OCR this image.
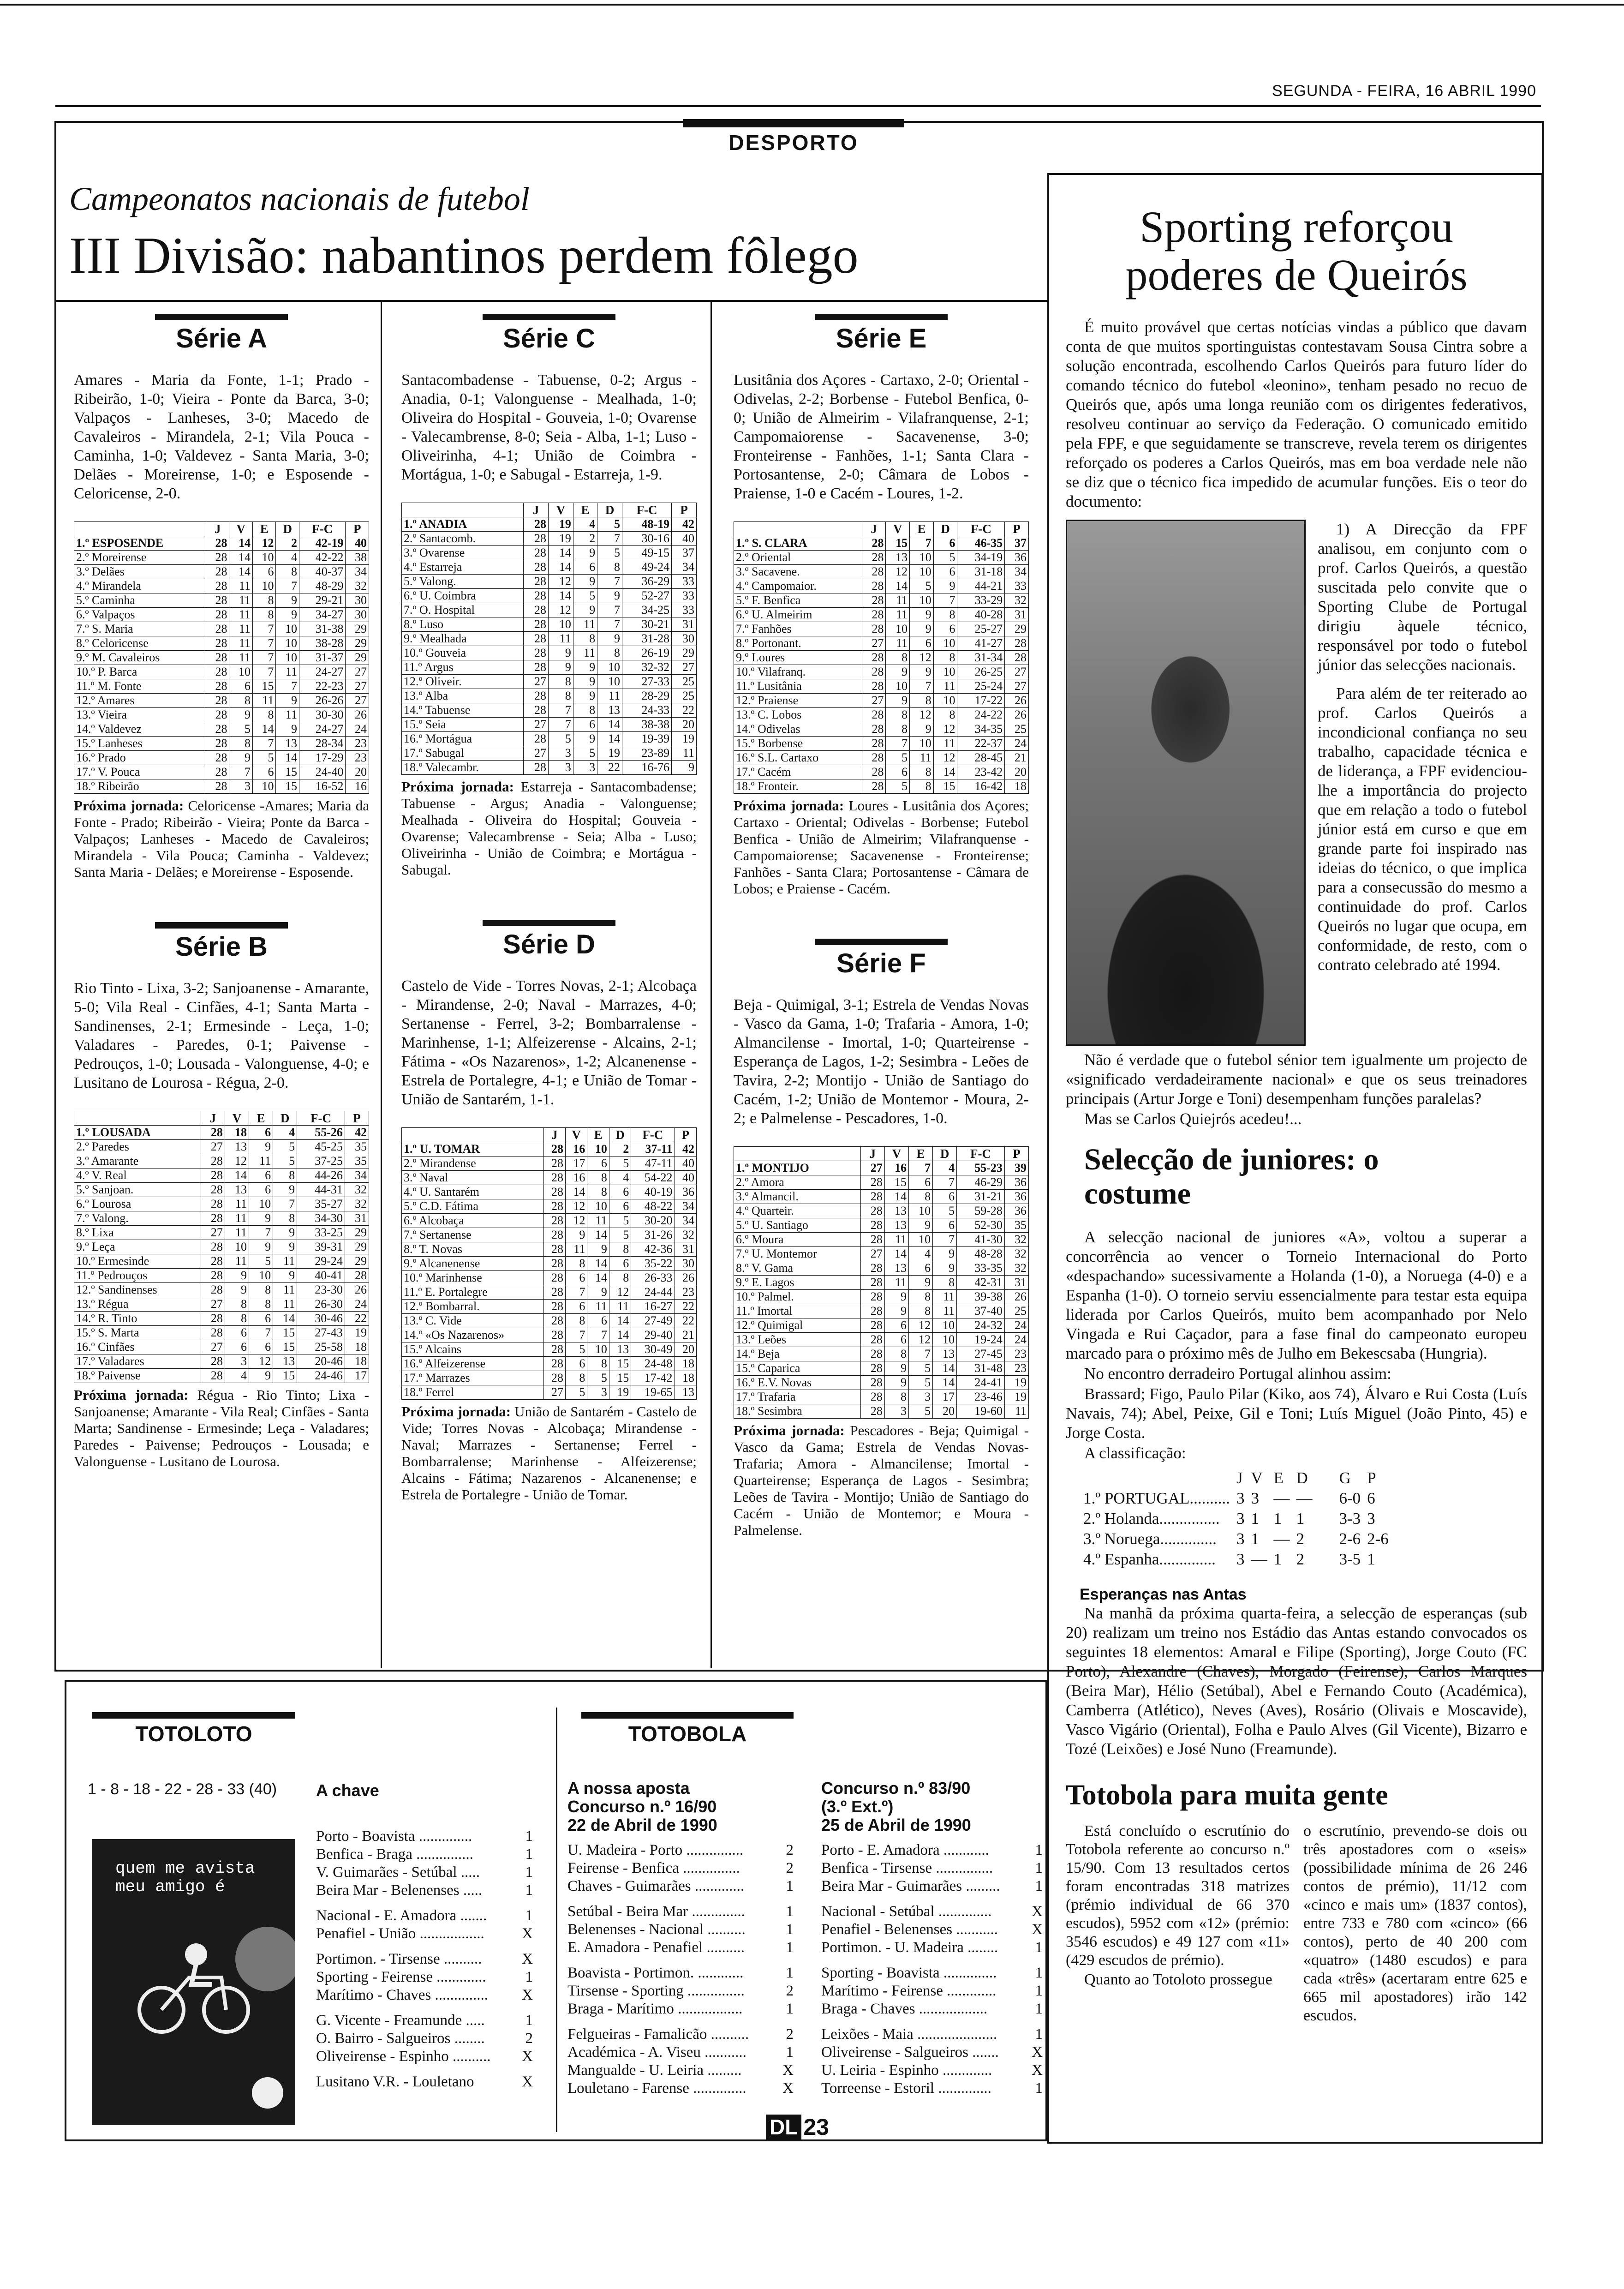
SEGUNDA - FEIRA, 16 ABRIL 1990
DESPORTO
Campeonatos nacionais de futebol
III Divisão: nabantinos perdem fôlego
Série A
Amares - Maria da Fonte, 1-1; Prado - Ribeirão, 1-0; Vieira - Ponte da Barca, 3-0; Valpaços - Lanheses, 3-0; Macedo de Cavaleiros - Mirandela, 2-1; Vila Pouca - Caminha, 1-0; Valdevez - Santa Maria, 3-0; Delães - Moreirense, 1-0; e Esposende - Celoricense, 2-0.
	J	V	E	D	F-C	P
1.º ESPOSENDE	28	14	12	2	42-19	40
2.º Moreirense	28	14	10	4	42-22	38
3.º Delães	28	14	6	8	40-37	34
4.º Mirandela	28	11	10	7	48-29	32
5.º Caminha	28	11	8	9	29-21	30
6.º Valpaços	28	11	8	9	34-27	30
7.º S. Maria	28	11	7	10	31-38	29
8.º Celoricense	28	11	7	10	38-28	29
9.º M. Cavaleiros	28	11	7	10	31-37	29
10.º P. Barca	28	10	7	11	24-27	27
11.º M. Fonte	28	6	15	7	22-23	27
12.º Amares	28	8	11	9	26-26	27
13.º Vieira	28	9	8	11	30-30	26
14.º Valdevez	28	5	14	9	24-27	24
15.º Lanheses	28	8	7	13	28-34	23
16.º Prado	28	9	5	14	17-29	23
17.º V. Pouca	28	7	6	15	24-40	20
18.º Ribeirão	28	3	10	15	16-52	16
Próxima jornada: Celoricense -Amares; Maria da Fonte - Prado; Ribeirão - Vieira; Ponte da Barca - Valpaços; Lanheses - Macedo de Cavaleiros; Mirandela - Vila Pouca; Caminha - Valdevez; Santa Maria - Delães; e Moreirense - Esposende.
Série B
Rio Tinto - Lixa, 3-2; Sanjoanense - Amarante, 5-0; Vila Real - Cinfães, 4-1; Santa Marta - Sandinenses, 2-1; Ermesinde - Leça, 1-0; Valadares - Paredes, 0-1; Paivense - Pedrouços, 1-0; Lousada - Valonguense, 4-0; e Lusitano de Lourosa - Régua, 2-0.
	J	V	E	D	F-C	P
1.º LOUSADA	28	18	6	4	55-26	42
2.º Paredes	27	13	9	5	45-25	35
3.º Amarante	28	12	11	5	37-25	35
4.º V. Real	28	14	6	8	44-26	34
5.º Sanjoan.	28	13	6	9	44-31	32
6.º Lourosa	28	11	10	7	35-27	32
7.º Valong.	28	11	9	8	34-30	31
8.º Lixa	27	11	7	9	33-25	29
9.º Leça	28	10	9	9	39-31	29
10.º Ermesinde	28	11	5	11	29-24	29
11.º Pedrouços	28	9	10	9	40-41	28
12.º Sandinenses	28	9	8	11	23-30	26
13.º Régua	27	8	8	11	26-30	24
14.º R. Tinto	28	8	6	14	30-46	22
15.º S. Marta	28	6	7	15	27-43	19
16.º Cinfães	27	6	6	15	25-58	18
17.º Valadares	28	3	12	13	20-46	18
18.º Paivense	28	4	9	15	24-46	17
Próxima jornada: Régua - Rio Tinto; Lixa - Sanjoanense; Amarante - Vila Real; Cinfães - Santa Marta; Sandinense - Ermesinde; Leça - Valadares; Paredes - Paivense; Pedrouços - Lousada; e Valonguense - Lusitano de Lourosa.
Série C
Santacombadense - Tabuense, 0-2; Argus - Anadia, 0-1; Valonguense - Mealhada, 1-0; Oliveira do Hospital - Gouveia, 1-0; Ovarense - Valecambrense, 8-0; Seia - Alba, 1-1; Luso - Oliveirinha, 4-1; União de Coimbra - Mortágua, 1-0; e Sabugal - Estarreja, 1-9.
	J	V	E	D	F-C	P
1.º ANADIA	28	19	4	5	48-19	42
2.º Santacomb.	28	19	2	7	30-16	40
3.º Ovarense	28	14	9	5	49-15	37
4.º Estarreja	28	14	6	8	49-24	34
5.º Valong.	28	12	9	7	36-29	33
6.º U. Coimbra	28	14	5	9	52-27	33
7.º O. Hospital	28	12	9	7	34-25	33
8.º Luso	28	10	11	7	30-21	31
9.º Mealhada	28	11	8	9	31-28	30
10.º Gouveia	28	9	11	8	26-19	29
11.º Argus	28	9	9	10	32-32	27
12.º Oliveir.	27	8	9	10	27-33	25
13.º Alba	28	8	9	11	28-29	25
14.º Tabuense	28	7	8	13	24-33	22
15.º Seia	27	7	6	14	38-38	20
16.º Mortágua	28	5	9	14	19-39	19
17.º Sabugal	27	3	5	19	23-89	11
18.º Valecambr.	28	3	3	22	16-76	9
Próxima jornada: Estarreja - Santacombadense; Tabuense - Argus; Anadia - Valonguense; Mealhada - Oliveira do Hospital; Gouveia - Ovarense; Valecambrense - Seia; Alba - Luso; Oliveirinha - União de Coimbra; e Mortágua - Sabugal.
Série D
Castelo de Vide - Torres Novas, 2-1; Alcobaça - Mirandense, 2-0; Naval - Marrazes, 4-0; Sertanense - Ferrel, 3-2; Bombarralense - Marinhense, 1-1; Alfeizerense - Alcains, 2-1; Fátima - «Os Nazarenos», 1-2; Alcanenense - Estrela de Portalegre, 4-1; e União de Tomar - União de Santarém, 1-1.
	J	V	E	D	F-C	P
1.º U. TOMAR	28	16	10	2	37-11	42
2.º Mirandense	28	17	6	5	47-11	40
3.º Naval	28	16	8	4	54-22	40
4.º U. Santarém	28	14	8	6	40-19	36
5.º C.D. Fátima	28	12	10	6	48-22	34
6.º Alcobaça	28	12	11	5	30-20	34
7.º Sertanense	28	9	14	5	31-26	32
8.º T. Novas	28	11	9	8	42-36	31
9.º Alcanenense	28	8	14	6	35-22	30
10.º Marinhense	28	6	14	8	26-33	26
11.º E. Portalegre	28	7	9	12	24-44	23
12.º Bombarral.	28	6	11	11	16-27	22
13.º C. Vide	28	8	6	14	27-49	22
14.º «Os Nazarenos»	28	7	7	14	29-40	21
15.º Alcains	28	5	10	13	30-49	20
16.º Alfeizerense	28	6	8	15	24-48	18
17.º Marrazes	28	8	5	15	17-42	18
18.º Ferrel	27	5	3	19	19-65	13
Próxima jornada: União de Santarém - Castelo de Vide; Torres Novas - Alcobaça; Mirandense - Naval; Marrazes - Sertanense; Ferrel - Bombarralense; Marinhense - Alfeizerense; Alcains - Fátima; Nazarenos - Alcanenense; e Estrela de Portalegre - União de Tomar.
Série E
Lusitânia dos Açores - Cartaxo, 2-0; Oriental - Odivelas, 2-2; Borbense - Futebol Benfica, 0-0; União de Almeirim - Vilafranquense, 2-1; Campomaiorense - Sacavenense, 3-0; Fronteirense - Fanhões, 1-1; Santa Clara - Portosantense, 2-0; Câmara de Lobos - Praiense, 1-0 e Cacém - Loures, 1-2.
	J	V	E	D	F-C	P
1.º S. CLARA	28	15	7	6	46-35	37
2.º Oriental	28	13	10	5	34-19	36
3.º Sacavene.	28	12	10	6	31-18	34
4.º Campomaior.	28	14	5	9	44-21	33
5.º F. Benfica	28	11	10	7	33-29	32
6.º U. Almeirim	28	11	9	8	40-28	31
7.º Fanhões	28	10	9	6	25-27	29
8.º Portonant.	27	11	6	10	41-27	28
9.º Loures	28	8	12	8	31-34	28
10.º Vilafranq.	28	9	9	10	26-25	27
11.º Lusitânia	28	10	7	11	25-24	27
12.º Praiense	27	9	8	10	17-22	26
13.º C. Lobos	28	8	12	8	24-22	26
14.º Odivelas	28	8	9	12	34-35	25
15.º Borbense	28	7	10	11	22-37	24
16.º S.L. Cartaxo	28	5	11	12	28-45	21
17.º Cacém	28	6	8	14	23-42	20
18.º Fronteir.	28	5	8	15	16-42	18
Próxima jornada: Loures - Lusitânia dos Açores; Cartaxo - Oriental; Odivelas - Borbense; Futebol Benfica - União de Almeirim; Vilafranquense - Campomaiorense; Sacavenense - Fronteirense; Fanhões - Santa Clara; Portosantense - Câmara de Lobos; e Praiense - Cacém.
Série F
Beja - Quimigal, 3-1; Estrela de Vendas Novas - Vasco da Gama, 1-0; Trafaria - Amora, 1-0; Almancilense - Imortal, 1-0; Quarteirense - Esperança de Lagos, 1-2; Sesimbra - Leões de Tavira, 2-2; Montijo - União de Santiago do Cacém, 1-2; União de Montemor - Moura, 2-2; e Palmelense - Pescadores, 1-0.
	J	V	E	D	F-C	P
1.º MONTIJO	27	16	7	4	55-23	39
2.º Amora	28	15	6	7	46-29	36
3.º Almancil.	28	14	8	6	31-21	36
4.º Quarteir.	28	13	10	5	59-28	36
5.º U. Santiago	28	13	9	6	52-30	35
6.º Moura	28	11	10	7	41-30	32
7.º U. Montemor	27	14	4	9	48-28	32
8.º V. Gama	28	13	6	9	33-35	32
9.º E. Lagos	28	11	9	8	42-31	31
10.º Palmel.	28	9	8	11	39-38	26
11.º Imortal	28	9	8	11	37-40	25
12.º Quimigal	28	6	12	10	24-32	24
13.º Leões	28	6	12	10	19-24	24
14.º Beja	28	8	7	13	27-45	23
15.º Caparica	28	9	5	14	31-48	23
16.º E.V. Novas	28	9	5	14	24-41	19
17.º Trafaria	28	8	3	17	23-46	19
18.º Sesimbra	28	3	5	20	19-60	11
Próxima jornada: Pescadores - Beja; Quimigal - Vasco da Gama; Estrela de Vendas Novas- Trafaria; Amora - Almancilense; Imortal - Quarteirense; Esperança de Lagos - Sesimbra; Leões de Tavira - Montijo; União de Santiago do Cacém - União de Montemor; e Moura - Palmelense.
Sporting reforçou poderes de Queirós

É muito provável que certas notícias vindas a público que davam conta de que muitos sportinguistas contestavam Sousa Cintra sobre a solução encontrada, escolhendo Carlos Queirós para futuro líder do comando técnico do futebol «leonino», tenham pesado no recuo de Queirós que, após uma longa reunião com os dirigentes federativos, resolveu continuar ao serviço da Federação. O comunicado emitido pela FPF, e que seguidamente se transcreve, revela terem os dirigentes reforçado os poderes a Carlos Queirós, mas em boa verdade nele não se diz que o técnico fica impedido de acumular funções. Eis o teor do documento:

1) A Direcção da FPF analisou, em conjunto com o prof. Carlos Queirós, a questão suscitada pelo convite que o Sporting Clube de Portugal dirigiu àquele técnico, responsável por todo o futebol júnior das selecções nacionais.

Para além de ter reiterado ao prof. Carlos Queirós a incondicional confiança no seu trabalho, capacidade técnica e de liderança, a FPF evidenciou-lhe a importância do projecto que em relação a todo o futebol júnior está em curso e que em grande parte foi inspirado nas ideias do técnico, o que implica para a consecussão do mesmo a continuidade do prof. Carlos Queirós no lugar que ocupa, em conformidade, de resto, com o contrato celebrado até 1994.

Não é verdade que o futebol sénior tem igualmente um projecto de «significado verdadeiramente nacional» e que os seus treinadores principais (Artur Jorge e Toni) desempenham funções paralelas?

Mas se Carlos Quiejrós acedeu!...

Selecção de juniores: o costume

A selecção nacional de juniores «A», voltou a superar a concorrência ao vencer o Torneio Internacional do Porto «despachando» sucessivamente a Holanda (1-0), a Noruega (4-0) e a Espanha (1-0). O torneio serviu essencialmente para testar esta equipa liderada por Carlos Queirós, muito bem acompanhado por Nelo Vingada e Rui Caçador, para a fase final do campeonato europeu marcado para o próximo mês de Julho em Bekescsaba (Hungria).

No encontro derradeiro Portugal alinhou assim:

Brassard; Figo, Paulo Pilar (Kiko, aos 74), Álvaro e Rui Costa (Luís Navais, 74); Abel, Peixe, Gil e Toni; Luís Miguel (João Pinto, 45) e Jorge Costa.

A classificação:

	J	V	E	D	G	P
1.º PORTUGAL..........	3	3	—	—	6-0	6
2.º Holanda...............	3	1	1	1	3-3	3
3.º Noruega..............	3	1	—	2	2-6	2-6
4.º Espanha..............	3	—	1	2	3-5	1
Esperanças nas Antas

Na manhã da próxima quarta-feira, a selecção de esperanças (sub 20) realizam um treino nos Estádio das Antas estando convocados os seguintes 18 elementos: Amaral e Filipe (Sporting), Jorge Couto (FC Porto), Alexandre (Chaves), Morgado (Feirense), Carlos Marques (Beira Mar), Hélio (Setúbal), Abel e Fernando Couto (Académica), Camberra (Atlético), Neves (Aves), Rosário (Olivais e Moscavide), Vasco Vigário (Oriental), Folha e Paulo Alves (Gil Vicente), Bizarro e Tozé (Leixões) e José Nuno (Freamunde).

Totobola para muita gente

Está concluído o escrutínio do Totobola referente ao concurso n.º 15/90. Com 13 resultados certos foram encontradas 318 matrizes (prémio individual de 66 370 escudos), 5952 com «12» (prémio: 3546 escudos) e 49 127 com «11» (429 escudos de prémio).

Quanto ao Totoloto prossegue

o escrutínio, prevendo-se dois ou três apostadores com o «seis» (possibilidade mínima de 26 246 contos de prémio), 11/12 com «cinco e mais um» (1837 contos), entre 733 e 780 com «cinco» (66 contos), perto de 40 200 com «quatro» (1480 escudos) e para cada «três» (acertaram entre 625 e 665 mil apostadores) irão 142 escudos.

TOTOLOTO
1 - 8 - 18 - 22 - 28 - 33 (40)
quem me avista meu amigo é
A chave
Porto - Boavista ..............	1
Benfica - Braga ...............	1
V. Guimarães - Setúbal .....	1
Beira Mar - Belenenses .....	1
Nacional - E. Amadora .......	1
Penafiel - União .................	X
Portimon. - Tirsense ..........	X
Sporting - Feirense .............	1
Marítimo - Chaves ..............	X
G. Vicente - Freamunde .....	1
O. Bairro - Salgueiros ........	2
Oliveirense - Espinho ..........	X
Lusitano V.R. - Louletano	X
TOTOBOLA
A nossa aposta
Concurso n.º 16/90
22 de Abril de 1990
U. Madeira - Porto ...............	2
Feirense - Benfica ...............	2
Chaves - Guimarães .............	1
Setúbal - Beira Mar ..............	1
Belenenses - Nacional ..........	1
E. Amadora - Penafiel ..........	1
Boavista - Portimon. ............	1
Tirsense - Sporting ...............	2
Braga - Marítimo .................	1
Felgueiras - Famalicão ..........	2
Académica - A. Viseu ...........	1
Mangualde - U. Leiria .........	X
Louletano - Farense ..............	X
Concurso n.º 83/90
(3.º Ext.º)
25 de Abril de 1990
Porto - E. Amadora ............	1
Benfica - Tirsense ...............	1
Beira Mar - Guimarães .........	1
Nacional - Setúbal ..............	X
Penafiel - Belenenses ...........	X
Portimon. - U. Madeira ........	1
Sporting - Boavista ..............	1
Marítimo - Feirense .............	1
Braga - Chaves ..................	1
Leixões - Maia .....................	1
Oliveirense - Salgueiros .......	X
U. Leiria - Espinho .............	X
Torreense - Estoril ..............	1
DL 23
